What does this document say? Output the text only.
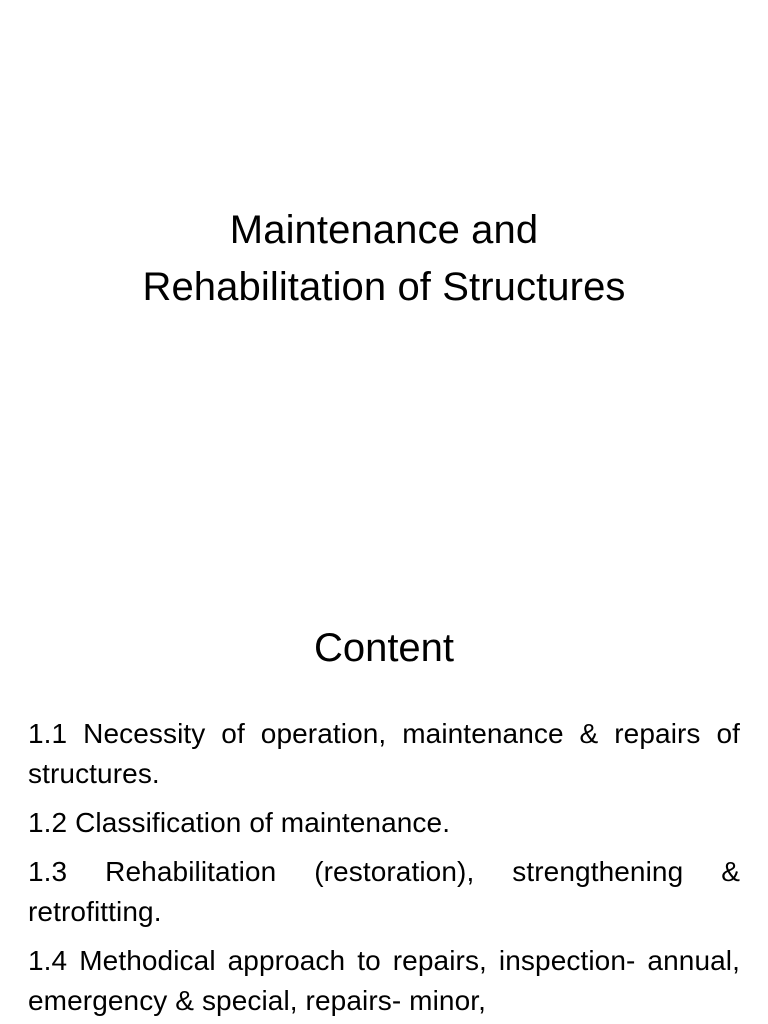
Maintenance and
Rehabilitation of Structures
Content
1.1 Necessity of operation, maintenance & repairs of structures.
1.2 Classification of maintenance.
1.3 Rehabilitation (restoration), strengthening & retrofitting.
1.4 Methodical approach to repairs, inspection- annual, emergency & special, repairs- minor,
